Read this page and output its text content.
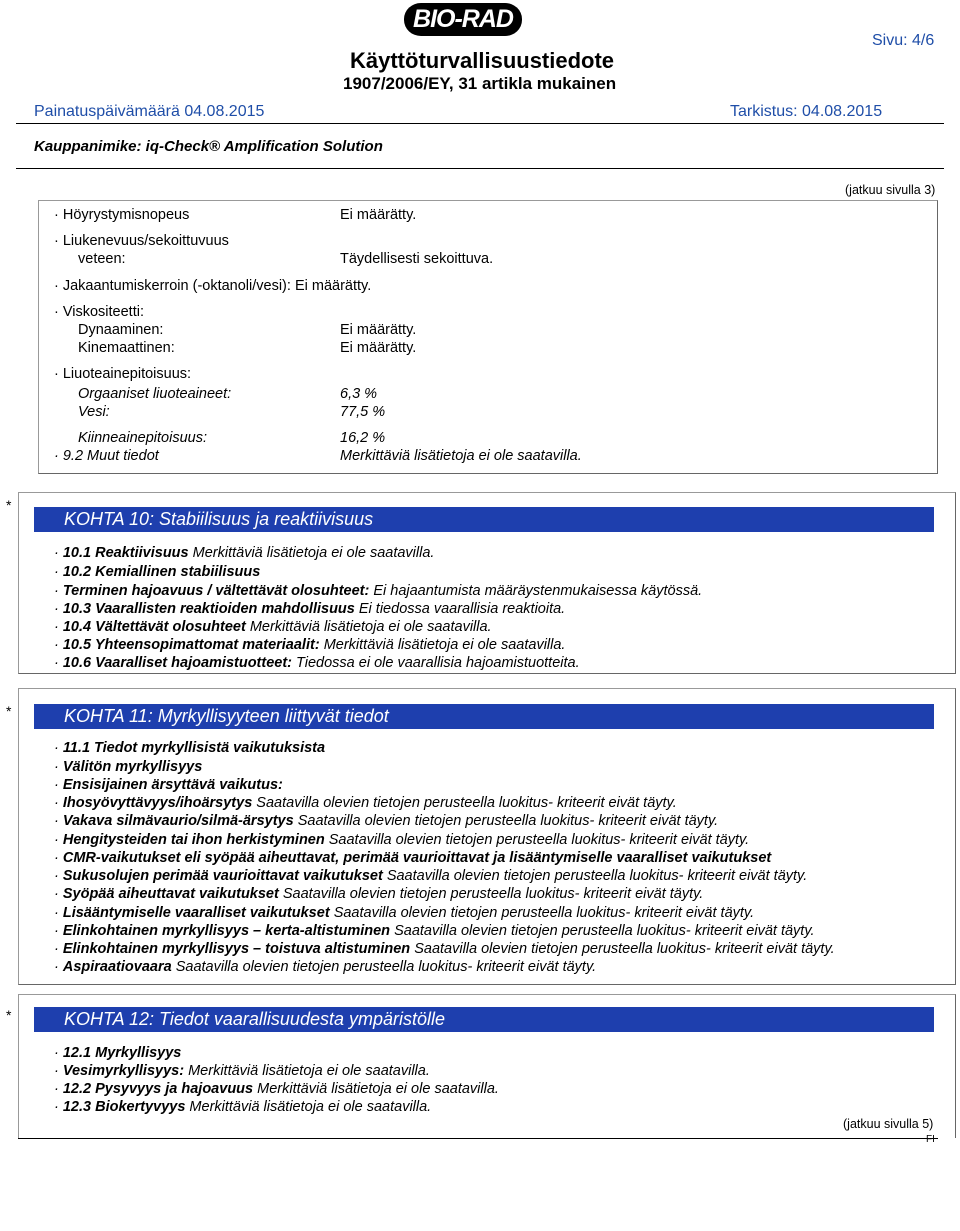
BIO-RAD
Käyttöturvallisuustiedote
1907/2006/EY, 31 artikla mukainen
Sivu: 4/6
Painatuspäivämäärä 04.08.2015	Tarkistus: 04.08.2015
Kauppanimike: iq-Check® Amplification Solution
(jatkuu sivulla 3)
· Höyrystymisnopeus	Ei määrätty.
· Liukenevuus/sekoittuvuus
veteen:	Täydellisesti sekoittuva.
· Jakaantumiskerroin (-oktanoli/vesi): Ei määrätty.
· Viskositeetti:
Dynaaminen:	Ei määrätty.
Kinemaattinen:	Ei määrätty.
· Liuoteainepitoisuus:
Orgaaniset liuoteaineet:	6,3 %
Vesi:	77,5 %
Kiinneainepitoisuus:	16,2 %
· 9.2 Muut tiedot	Merkittäviä lisätietoja ei ole saatavilla.
*
KOHTA 10: Stabiilisuus ja reaktiivisuus
· 10.1 Reaktiivisuus Merkittäviä lisätietoja ei ole saatavilla.
· 10.2 Kemiallinen stabiilisuus
· Terminen hajoavuus / vältettävät olosuhteet: Ei hajaantumista määräystenmukaisessa käytössä.
· 10.3 Vaarallisten reaktioiden mahdollisuus Ei tiedossa vaarallisia reaktioita.
· 10.4 Vältettävät olosuhteet Merkittäviä lisätietoja ei ole saatavilla.
· 10.5 Yhteensopimattomat materiaalit: Merkittäviä lisätietoja ei ole saatavilla.
· 10.6 Vaaralliset hajoamistuotteet: Tiedossa ei ole vaarallisia hajoamistuotteita.
*	KOHTA 11: Myrkyllisyyteen liittyvät tiedot
· 11.1 Tiedot myrkyllisistä vaikutuksista
· Välitön myrkyllisyys
· Ensisijainen ärsyttävä vaikutus:
· Ihosyövyttävyys/ihoärsytys Saatavilla olevien tietojen perusteella luokitus- kriteerit eivät täyty.
· Vakava silmävaurio/silmä-ärsytys Saatavilla olevien tietojen perusteella luokitus- kriteerit eivät täyty.
· Hengitysteiden tai ihon herkistyminen Saatavilla olevien tietojen perusteella luokitus- kriteerit eivät täyty.
· CMR-vaikutukset eli syöpää aiheuttavat, perimää vaurioittavat ja lisääntymiselle vaaralliset vaikutukset
· Sukusolujen perimää vaurioittavat vaikutukset Saatavilla olevien tietojen perusteella luokitus- kriteerit eivät täyty.
· Syöpää aiheuttavat vaikutukset Saatavilla olevien tietojen perusteella luokitus- kriteerit eivät täyty.
· Lisääntymiselle vaaralliset vaikutukset Saatavilla olevien tietojen perusteella luokitus- kriteerit eivät täyty.
· Elinkohtainen myrkyllisyys – kerta-altistuminen Saatavilla olevien tietojen perusteella luokitus- kriteerit eivät täyty.
· Elinkohtainen myrkyllisyys – toistuva altistuminen Saatavilla olevien tietojen perusteella luokitus- kriteerit eivät täyty.
· Aspiraatiovaara Saatavilla olevien tietojen perusteella luokitus- kriteerit eivät täyty.
*	KOHTA 12: Tiedot vaarallisuudesta ympäristölle
· 12.1 Myrkyllisyys
· Vesimyrkyllisyys: Merkittäviä lisätietoja ei ole saatavilla.
· 12.2 Pysyvyys ja hajoavuus Merkittäviä lisätietoja ei ole saatavilla.
· 12.3 Biokertyvyys Merkittäviä lisätietoja ei ole saatavilla.
(jatkuu sivulla 5)
FI
